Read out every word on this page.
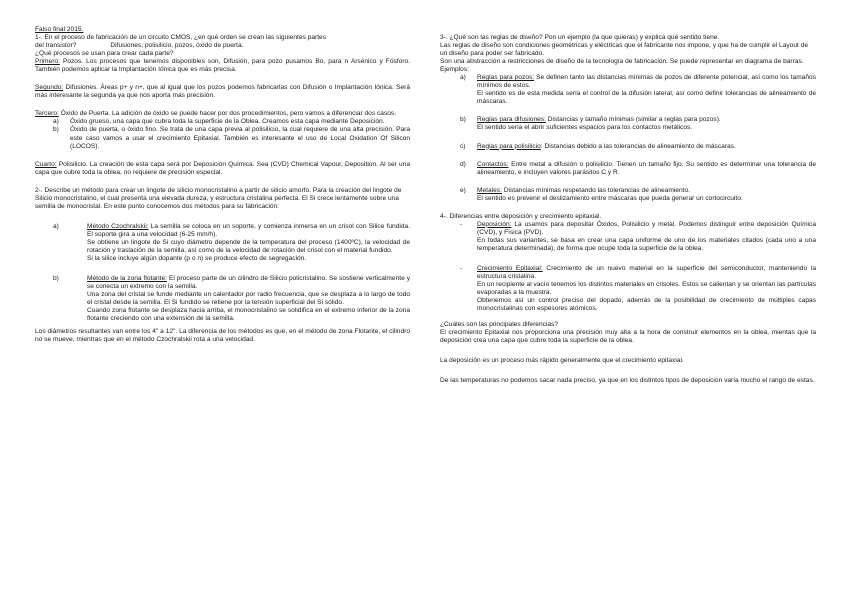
Falso final 2015.

1-. En el proceso de fabricación de un circuito CMOS, ¿en qué orden se crean las siguientes partes

del transistor?	Difusiones, polisilicio, pozos, óxido de puerta.

¿Qué procesos se usan para crear cada parte?

Primero: Pozos. Los procesos que tenemos disponibles son, Difusión, para pozo pusamos Bo, para n Arsénico y Fósforo. También podemos aplicar la Implantación Iónica que es más precisa.

Segundo: Difusiones. Áreas p+ y n+, que al igual que los pozos podemos fabricarlas con Difusión o Implantación Iónica. Será más interesante la segunda ya que nos aporta más precisión.

Tercero: Óxido de Puerta. La adición de óxido se puede hacer por dos procedimientos, pero vamos a diferenciar dos casos.

a)	Óxido grueso, una capa que cubra toda la superficie de la Oblea. Creamos esta capa mediante Deposición.
b)	Óxido de puerta, o óxido fino. Se trata de una capa previa al polisilicio, la cual requiere de una alta precisión. Para este caso vamos a usar el crecimiento Epitaxial. También es interesante el uso de Local Oxidation Of Silicon (LOCOS).

Cuarto: Polisilicio. La creación de esta capa será por Deposición Química. Sea (CVD) Chemical Vapour, Deposition. Al ser una capa que cubre toda la oblea, no requiere de precisión especial.

2-. Describe un método para crear un lingote de silicio monocristalino a partir de silicio amorfo. Para la creación del lingote de Silicio monocristalino, el cual presenta una elevada dureza, y estructura cristalina perfecta. El Si crece lentamente sobre una semilla de monocristal. En este punto conocemos dos métodos para su fabricación:

a)	Método Czochralskii: La semilla se coloca en un soporte, y comienza inmersa en un crisol con Silice fundida. El soporte gira a una velocidad (6-25 mm/h).

Se obtiene un lingote de Si cuyo diámetro depende de la temperatura del proceso (1400ºC), la velocidad de rotación y traslación de la semilla, así como de la velocidad de rotación del crisol con el material fundido.

Si la silice incluye algún dopante (p o n) se produce efecto de segregación.

b)	Método de la zona flotante: El proceso parte de un cilindro de Silicio policristalino. Se sostiene verticalmente y se conecta un extremo con la semilla.

Una zona del cristal se funde mediante un calentador por radio frecuencia, que se desplaza a lo largo de todo el cristal desde la semilla. El Si fundido se retiene por la tensión superficial del Si sólido.

Cuando zona flotante se desplaza hacia arriba, el monocristalino se solidifica en el extremo inferior de la zona flotante creciendo con una extensión de la semilla.

Los diámetros resultantes van entre los 4" a 12". La diferencia de los métodos es que, en el método de zona Flotante, el cilindro no se mueve, mientras que en el método Czochralskii rota a una velocidad.

3-. ¿Qué son las reglas de diseño? Pon un ejemplo (la que quieras) y explica qué sentido tiene.

Las reglas de diseño son condiciones geométricas y eléctricas que el fabricante nos impone, y que ha de cumplir el Layout de un diseño para poder ser fabricado.

Son una abstracción a restricciones de diseño de la tecnología de fabricación. Se puede representar en diagrama de barras.

Ejemplos:

a)	Reglas para pozos: Se definen tanto las distancias mínimas de pozos de diferente potencial, así como los tamaños mínimos de estos.

El sentido es de esta medida sería el control de la difusión lateral, así como definir tolerancias de alineamiento de máscaras.

b)	Reglas para difusiones: Distancias y tamaño mínimas (similar a reglas para pozos).

El sentido sería el abrir suficientes espacios para los contactos metálicos.

c)	Reglas para polisilicio: Distancias debido a las tolerancias de alineamiento de máscaras.

d)	Contactos: Entre metal a difusión o polisilicio. Tienen un tamaño fijo. Su sentido es determinar una tolerancia de alineamiento, e incluyen valores parásitos C y R.

e)	Metales: Distancias mínimas respetando las tolerancias de alineamiento.

El sentido es prevenir el deslizamiento entre máscaras que pueda generar un cortocircuito.

4-. Diferencias entre deposición y crecimiento epitaxial.

-	Deposición: La usamos para depositar Óxidos, Polisilicio y metal. Podemos distinguir entre deposición Química (CVD), y Física (PVD).

En todas sus variantes, se basa en crear una capa uniforme de uno de los materiales citados (cada uno a una temperatura determinada), de forma que ocupe toda la superficie de la oblea.

-	Crecimiento Epitaxial: Crecimiento de un nuevo material en la superficie del semiconductor, manteniendo la estructura cristalina.

En un recipiente al vacío tenemos los distintos materiales en crisoles. Estos se calientan y se orientan las partículas evaporadas a la muestra.

Obtenemos así un control preciso del dopado, además de la posibilidad de crecimiento de múltiples capas monocristalinas con espesores atómicos.

¿Cuáles son las principales diferencias?

El crecimiento Epitaxial nos proporciona una precisión muy alta a la hora de construir elementos en la oblea, mientas que la deposición crea una capa que cubre toda la superficie de la oblea.

La deposición es un proceso más rápido generalmente que el crecimiento epitaxial.

De las temperaturas no podemos sacar nada preciso, ya que en los distintos tipos de deposición varía mucho el rango de estas.
